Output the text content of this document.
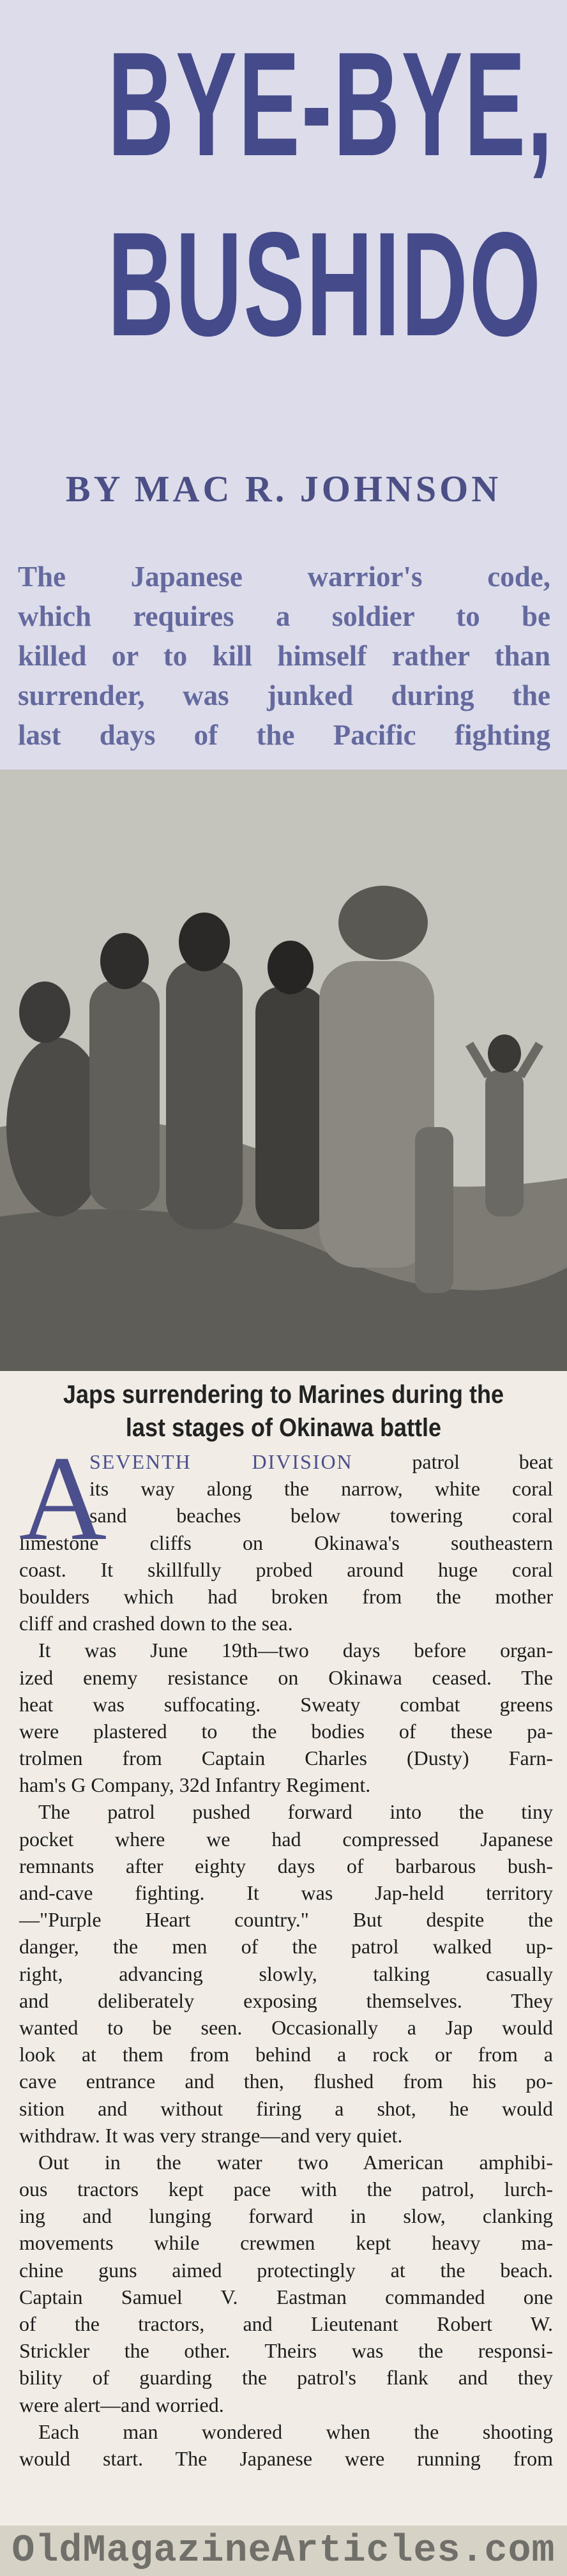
BYE-BYE,
BUSHIDO
BY MAC R. JOHNSON
The Japanese warrior's code,
which requires a soldier to be
killed or to kill himself rather than
surrender, was junked during the
last days of the Pacific fighting
Japs surrendering to Marines during the
last stages of Okinawa battle
A
SEVENTH DIVISION patrol beat
its way along the narrow, white coral
sand beaches below towering coral
limestone cliffs on Okinawa's southeastern
coast. It skillfully probed around huge coral
boulders which had broken from the mother
cliff and crashed down to the sea.
It was June 19th—two days before organ-
ized enemy resistance on Okinawa ceased. The
heat was suffocating. Sweaty combat greens
were plastered to the bodies of these pa-
trolmen from Captain Charles (Dusty) Farn-
ham's G Company, 32d Infantry Regiment.
The patrol pushed forward into the tiny
pocket where we had compressed Japanese
remnants after eighty days of barbarous bush-
and-cave fighting. It was Jap-held territory
—"Purple Heart country." But despite the
danger, the men of the patrol walked up-
right, advancing slowly, talking casually
and deliberately exposing themselves. They
wanted to be seen. Occasionally a Jap would
look at them from behind a rock or from a
cave entrance and then, flushed from his po-
sition and without firing a shot, he would
withdraw. It was very strange—and very quiet.
Out in the water two American amphibi-
ous tractors kept pace with the patrol, lurch-
ing and lunging forward in slow, clanking
movements while crewmen kept heavy ma-
chine guns aimed protectingly at the beach.
Captain Samuel V. Eastman commanded one
of the tractors, and Lieutenant Robert W.
Strickler the other. Theirs was the responsi-
bility of guarding the patrol's flank and they
were alert—and worried.
Each man wondered when the shooting
would start. The Japanese were running from
OldMagazineArticles.com
